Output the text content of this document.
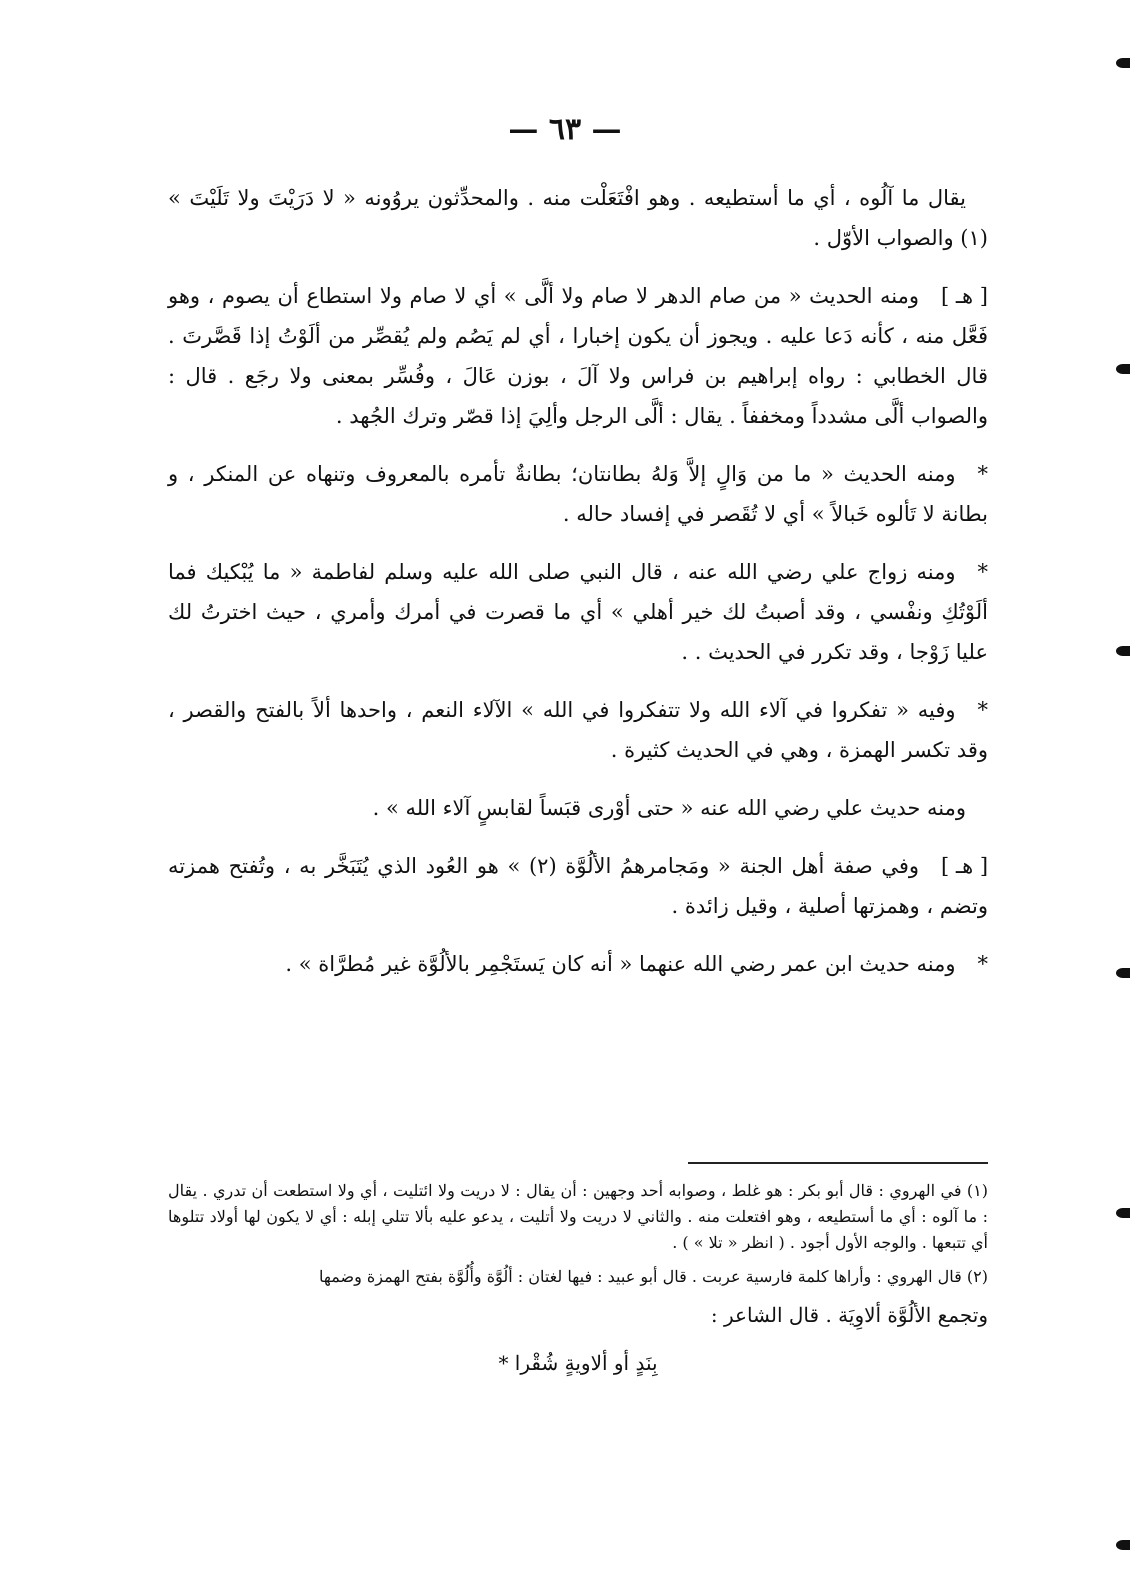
— ٦٣ —

يقال ما آلُوه ، أي ما أستطيعه . وهو افْتَعَلْت منه . والمحدِّثون يروُونه « لا دَرَيْتَ ولا تَلَيْتَ » (١) والصواب الأوّل .

[ هـ ]ومنه الحديث « من صام الدهر لا صام ولا ألَّى » أي لا صام ولا استطاع أن يصوم ، وهو فَعَّل منه ، كأنه دَعا عليه . ويجوز أن يكون إخبارا ، أي لم يَصُم ولم يُقصِّر من ألَوْتُ إذا قَصَّرتَ . قال الخطابي : رواه إبراهيم بن فراس ولا آلَ ، بوزن عَالَ ، وفُسِّر بمعنى ولا رجَع . قال : والصواب ألَّى مشدداً ومخففاً . يقال : ألَّى الرجل وألِيَ إذا قصّر وترك الجُهد .

*ومنه الحديث « ما من وَالٍ إلاَّ وَلهُ بطانتان؛ بطانةٌ تأمره بالمعروف وتنهاه عن المنكر ، و بطانة لا تَألوه خَبالاً » أي لا تُقَصر في إفساد حاله .

*ومنه زواج علي رضي الله عنه ، قال النبي صلى الله عليه وسلم لفاطمة « ما يُبْكيك فما ألَوْتُكِ ونفْسي ، وقد أصبتُ لك خير أهلي » أي ما قصرت في أمرك وأمري ، حيث اخترتُ لك عليا زَوْجا ، وقد تكرر في الحديث . .

*وفيه « تفكروا في آلاء الله ولا تتفكروا في الله » الآلاء النعم ، واحدها ألاً بالفتح والقصر ، وقد تكسر الهمزة ، وهي في الحديث كثيرة .

ومنه حديث علي رضي الله عنه « حتى أوْرى قبَساً لقابسٍ آلاء الله » .

[ هـ ]وفي صفة أهل الجنة « ومَجامرهمُ الألُوَّة (٢) » هو العُود الذي يُتَبَخَّر به ، وتُفتح همزته وتضم ، وهمزتها أصلية ، وقيل زائدة .

*ومنه حديث ابن عمر رضي الله عنهما « أنه كان يَستَجْمِر بالألُوَّة غير مُطرَّاة » .

(١) في الهروي : قال أبو بكر : هو غلط ، وصوابه أحد وجهين : أن يقال : لا دريت ولا ائتليت ، أي ولا استطعت أن تدري . يقال : ما آلوه : أي ما أستطيعه ، وهو افتعلت منه . والثاني لا دريت ولا أتليت ، يدعو عليه بألا تتلي إبله : أي لا يكون لها أولاد تتلوها أي تتبعها . والوجه الأول أجود . ( انظر « تلا » ) .

(٢) قال الهروي : وأراها كلمة فارسية عربت . قال أبو عبيد : فيها لغتان : ألُوَّة وأُلُوَّة بفتح الهمزة وضمها

وتجمع الألُوَّة ألاوِيَة . قال الشاعر :

بِنَدٍ أو ألاويةٍ شُقْرا *
